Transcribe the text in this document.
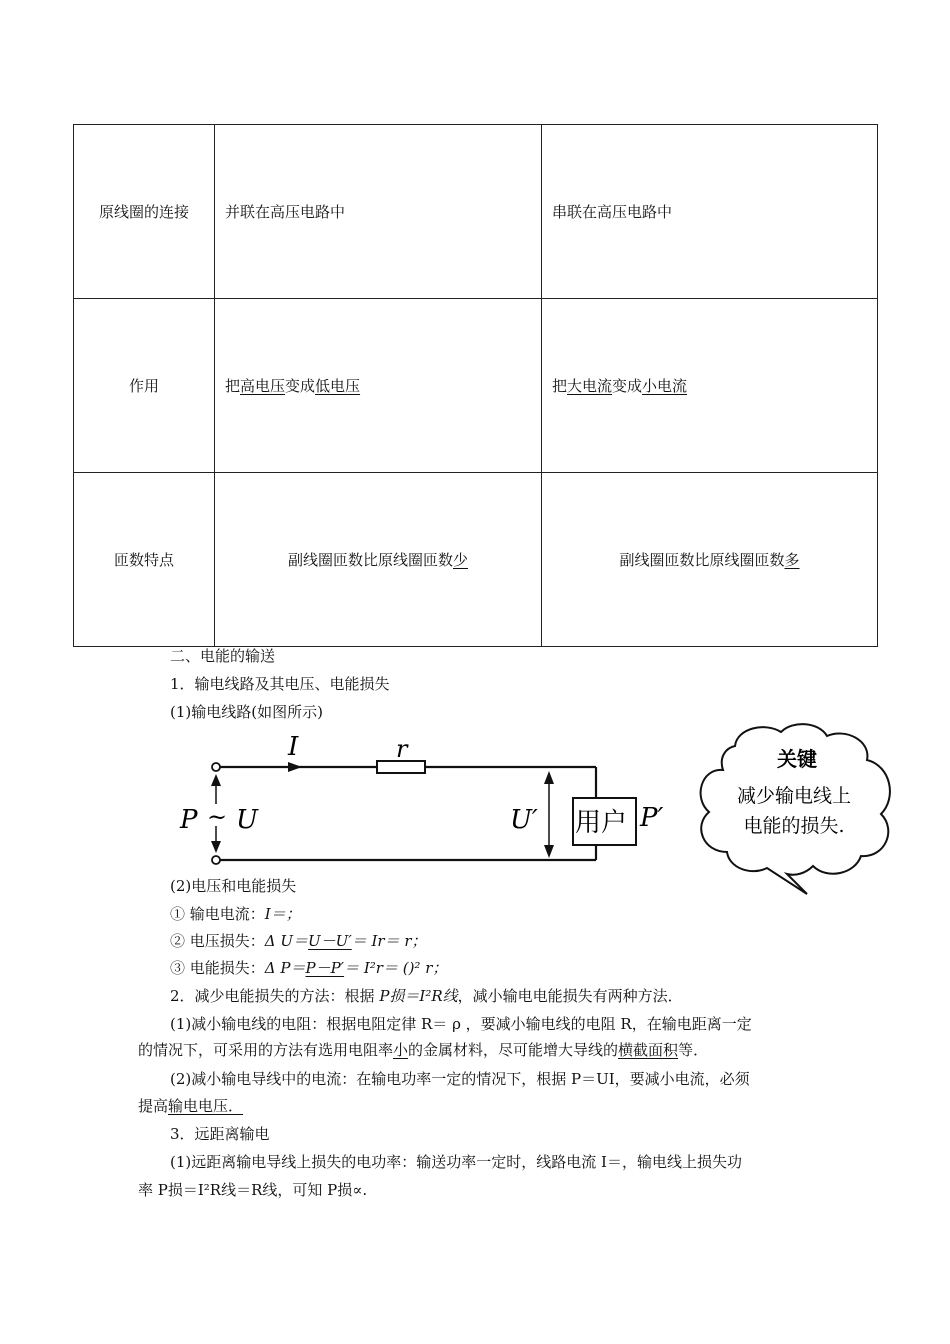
原线圈的连接	并联在高压电路中	串联在高压电路中
作用	把高电压变成低电压	把大电流变成小电流
匝数特点	副线圈匝数比原线圈匝数少	副线圈匝数比原线圈匝数多
二、电能的输送
1．输电线路及其电压、电能损失
(1)输电线路(如图所示)
I	r
P ~ U	U′ 用户 P′
关键
减少输电线上
电能的损失.
(2)电压和电能损失
① 输电电流：I＝；
② 电压损失：Δ U＝U－U′＝ Ir＝ r；
③ 电能损失：Δ P＝P－P′＝ I²r＝ ()² r；
2．减少电能损失的方法：根据 P损＝I²R线，减小输电电能损失有两种方法．
(1)减小输电线的电阻：根据电阻定律 R＝ ρ ，要减小输电线的电阻 R，在输电距离一定
的情况下，可采用的方法有选用电阻率小的金属材料，尽可能增大导线的横截面积等．
(2)减小输电导线中的电流：在输电功率一定的情况下，根据 P＝UI，要减小电流，必须
提高输电电压．
3．远距离输电
(1)远距离输电导线上损失的电功率：输送功率一定时，线路电流 I＝，输电线上损失功
率 P损＝I²R线＝R线，可知 P损∝.
